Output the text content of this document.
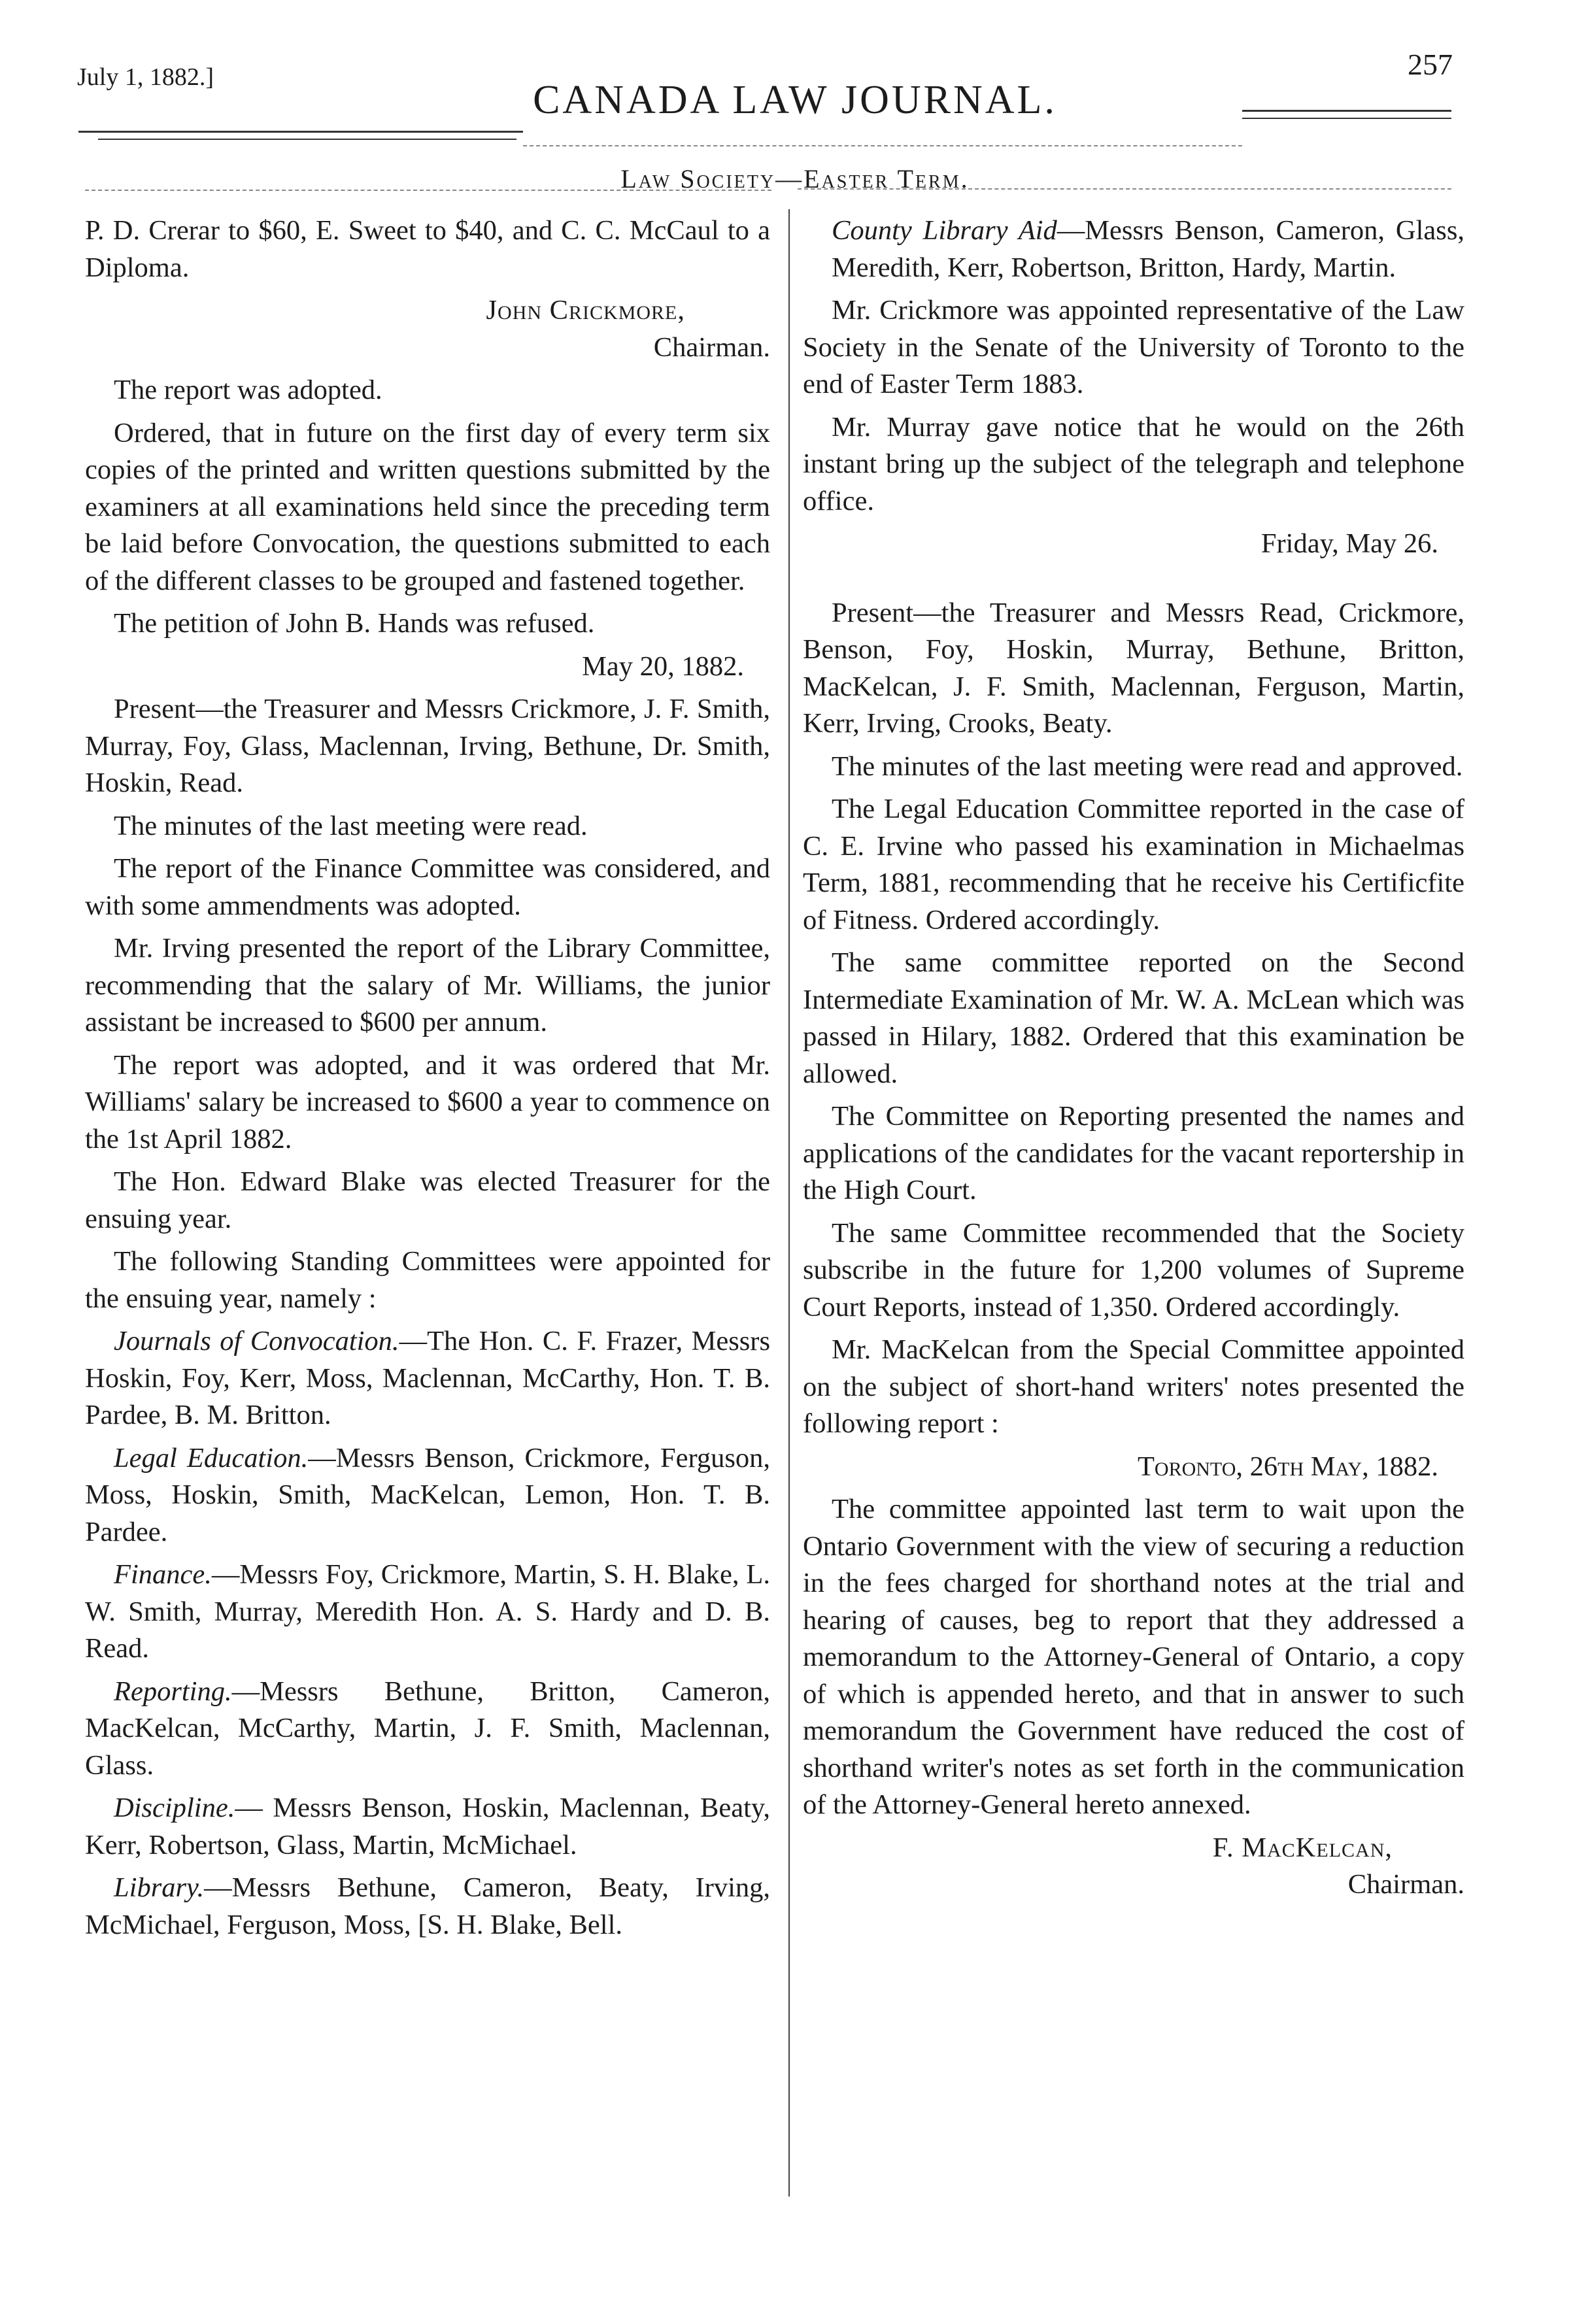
July 1, 1882.]
CANADA LAW JOURNAL.
257
Law Society—Easter Term.

P. D. Crerar to $60, E. Sweet to $40, and C. C. McCaul to a Diploma.

John Crickmore,

Chairman.

The report was adopted.

Ordered, that in future on the first day of every term six copies of the printed and written questions submitted by the examiners at all examinations held since the preceding term be laid before Convocation, the questions submitted to each of the different classes to be grouped and fastened together.

The petition of John B. Hands was refused.

May 20, 1882.

Present—the Treasurer and Messrs Crickmore, J. F. Smith, Murray, Foy, Glass, Maclennan, Irving, Bethune, Dr. Smith, Hoskin, Read.

The minutes of the last meeting were read.

The report of the Finance Committee was considered, and with some ammendments was adopted.

Mr. Irving presented the report of the Library Committee, recommending that the salary of Mr. Williams, the junior assistant be increased to $600 per annum.

The report was adopted, and it was ordered that Mr. Williams' salary be increased to $600 a year to commence on the 1st April 1882.

The Hon. Edward Blake was elected Treasurer for the ensuing year.

The following Standing Committees were appointed for the ensuing year, namely :

Journals of Convocation.—The Hon. C. F. Frazer, Messrs Hoskin, Foy, Kerr, Moss, Maclennan, McCarthy, Hon. T. B. Pardee, B. M. Britton.

Legal Education.—Messrs Benson, Crickmore, Ferguson, Moss, Hoskin, Smith, MacKelcan, Lemon, Hon. T. B. Pardee.

Finance.—Messrs Foy, Crickmore, Martin, S. H. Blake, L. W. Smith, Murray, Meredith Hon. A. S. Hardy and D. B. Read.

Reporting.—Messrs Bethune, Britton, Cameron, MacKelcan, McCarthy, Martin, J. F. Smith, Maclennan, Glass.

Discipline.— Messrs Benson, Hoskin, Maclennan, Beaty, Kerr, Robertson, Glass, Martin, McMichael.

Library.—Messrs Bethune, Cameron, Beaty, Irving, McMichael, Ferguson, Moss, [S. H. Blake, Bell.

County Library Aid—Messrs Benson, Cameron, Glass, Meredith, Kerr, Robertson, Britton, Hardy, Martin.

Mr. Crickmore was appointed representative of the Law Society in the Senate of the University of Toronto to the end of Easter Term 1883.

Mr. Murray gave notice that he would on the 26th instant bring up the subject of the telegraph and telephone office.

Friday, May 26.

Present—the Treasurer and Messrs Read, Crickmore, Benson, Foy, Hoskin, Murray, Bethune, Britton, MacKelcan, J. F. Smith, Maclennan, Ferguson, Martin, Kerr, Irving, Crooks, Beaty.

The minutes of the last meeting were read and approved.

The Legal Education Committee reported in the case of C. E. Irvine who passed his examination in Michaelmas Term, 1881, recommending that he receive his Certificfite of Fitness. Ordered accordingly.

The same committee reported on the Second Intermediate Examination of Mr. W. A. McLean which was passed in Hilary, 1882. Ordered that this examination be allowed.

The Committee on Reporting presented the names and applications of the candidates for the vacant reportership in the High Court.

The same Committee recommended that the Society subscribe in the future for 1,200 volumes of Supreme Court Reports, instead of 1,350. Ordered accordingly.

Mr. MacKelcan from the Special Committee appointed on the subject of short-hand writers' notes presented the following report :

Toronto, 26th May, 1882.

The committee appointed last term to wait upon the Ontario Government with the view of securing a reduction in the fees charged for shorthand notes at the trial and hearing of causes, beg to report that they addressed a memorandum to the Attorney-General of Ontario, a copy of which is appended hereto, and that in answer to such memorandum the Government have reduced the cost of shorthand writer's notes as set forth in the communication of the Attorney-General hereto annexed.

F. MacKelcan,

Chairman.
